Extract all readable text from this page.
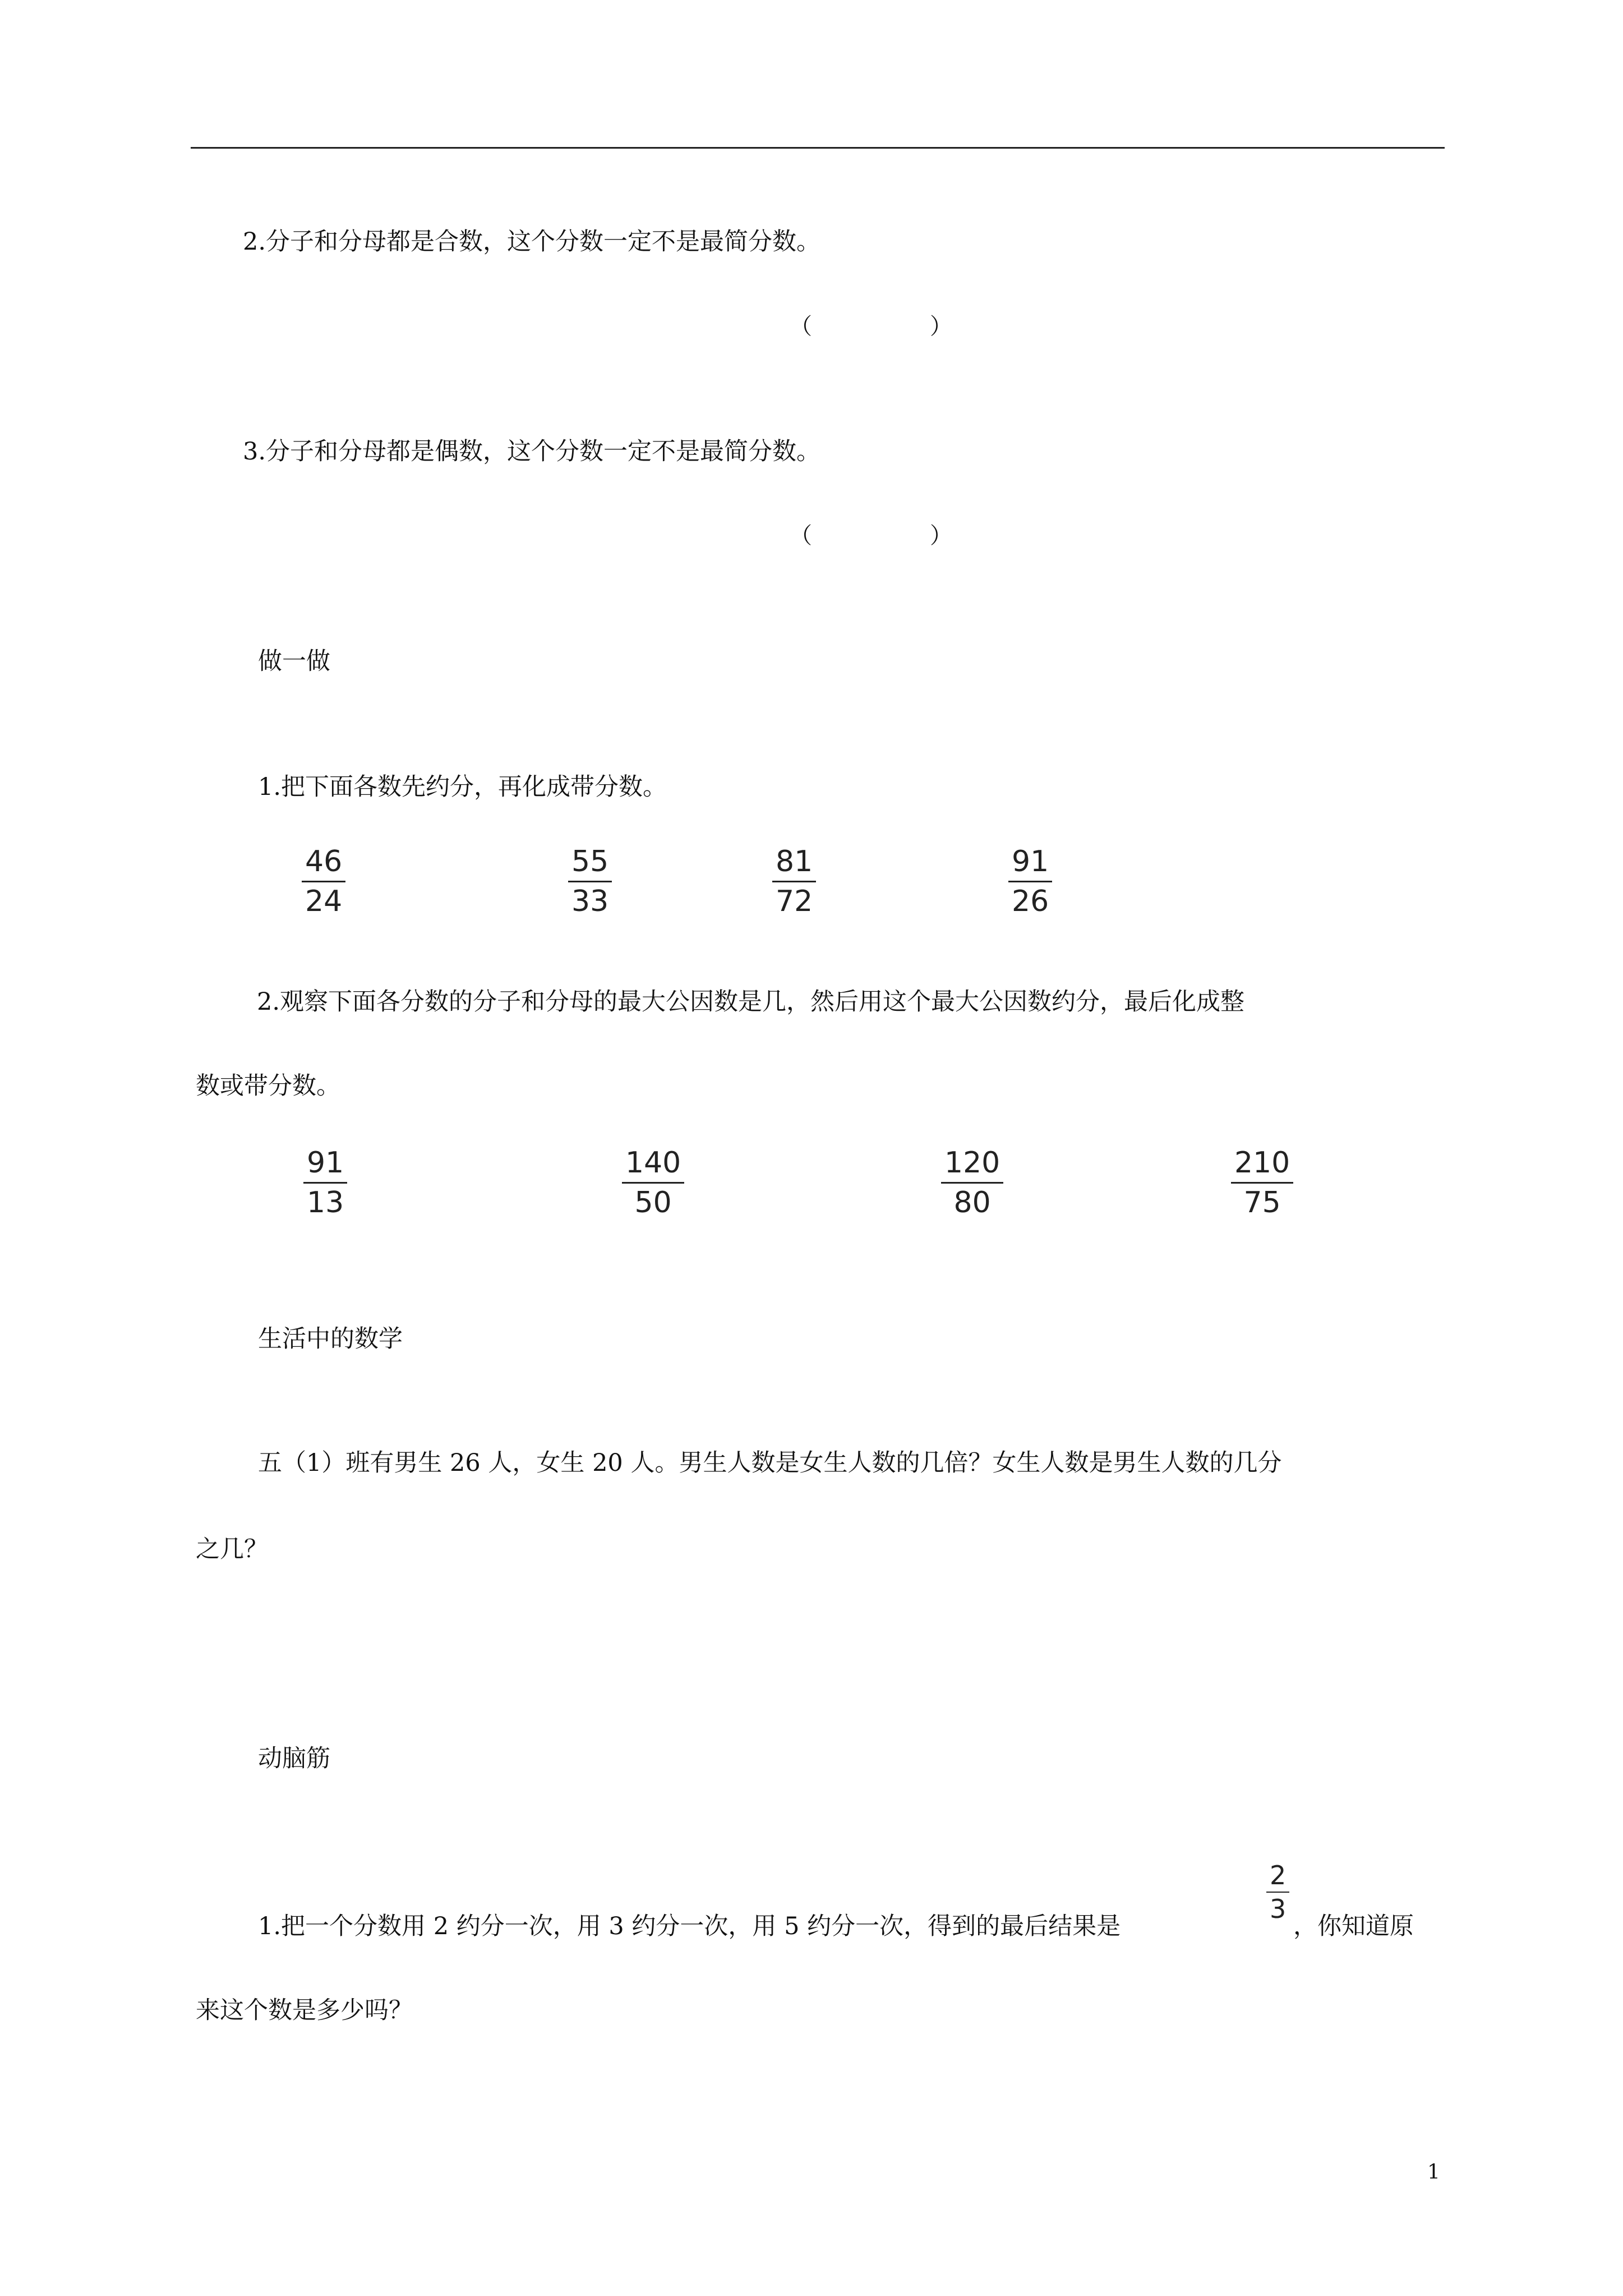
2.分子和分母都是合数，这个分数一定不是最简分数。
（	）
3.分子和分母都是偶数，这个分数一定不是最简分数。
（	）
做一做
1.把下面各数先约分，再化成带分数。
46
24
55
33
81
72
91
26
2.观察下面各分数的分子和分母的最大公因数是几，然后用这个最大公因数约分，最后化成整
数或带分数。
91
13
140
50
120
80
210
75
生活中的数学
五（1）班有男生 26 人，女生 20 人。男生人数是女生人数的几倍？女生人数是男生人数的几分
之几？
动脑筋
1.把一个分数用 2 约分一次，用 3 约分一次，用 5 约分一次，得到的最后结果是
2
3
，你知道原
来这个数是多少吗？
1
